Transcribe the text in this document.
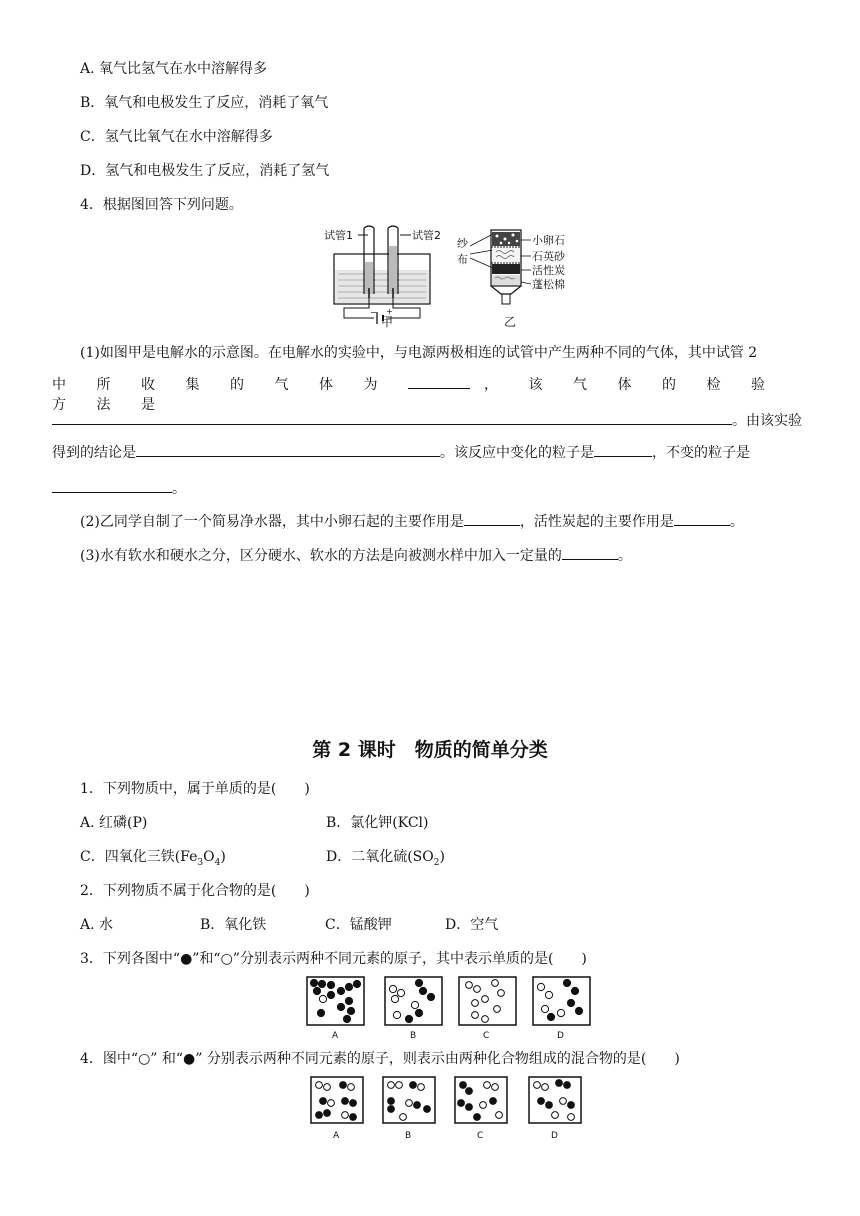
A. 氧气比氢气在水中溶解得多
B．氧气和电极发生了反应，消耗了氧气
C．氢气比氧气在水中溶解得多
D．氢气和电极发生了反应，消耗了氢气
4．根据图回答下列问题。
试管1	试管2
− +
甲
纱
布
小卵石
石英砂
活性炭
蓬松棉
乙
(1)如图甲是电解水的示意图。在电解水的实验中，与电源两极相连的试管中产生两种不同的气体，其中试管 2
中所收集的气体为	，该气体的检验方法是
。由该实验
得到的结论是	。该反应中变化的粒子是	，不变的粒子是
。
(2)乙同学自制了一个简易净水器，其中小卵石起的主要作用是	，活性炭起的主要作用是	。
(3)水有软水和硬水之分，区分硬水、软水的方法是向被测水样中加入一定量的	。
第 2 课时　物质的简单分类
1．下列物质中，属于单质的是(　　)
A. 红磷(P)	B．氯化钾(KCl)
C．四氧化三铁$(Fe_3O_4)$	D．二氧化硫$(SO_2)$
2．下列物质不属于化合物的是(　　)
A. 水	B．氧化铁	C．锰酸钾	D．空气
3．下列各图中“●”和“○”分别表示两种不同元素的原子，其中表示单质的是(　　)
A	B	C	D
4．图中“○” 和“●” 分别表示两种不同元素的原子，则表示由两种化合物组成的混合物的是(　　)
A	B	C	D
